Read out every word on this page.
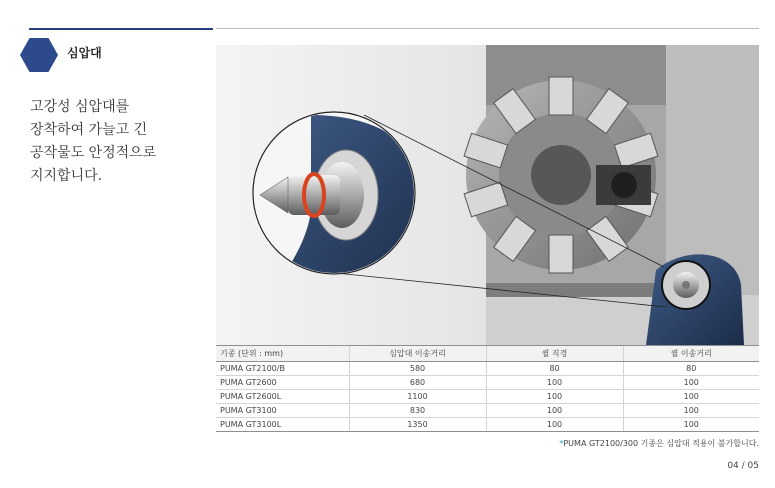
심압대

고강성 심압대를
장착하여 가늘고 긴
공작물도 안정적으로
지지합니다.

기종 (단위 : mm)	심압대 이송거리	퀼 직경	퀼 이송거리
PUMA GT2100/B	580	80	80
PUMA GT2600	680	100	100
PUMA GT2600L	1100	100	100
PUMA GT3100	830	100	100
PUMA GT3100L	1350	100	100
*PUMA GT2100/300 기종은 심압대 적용이 불가합니다.
04 / 05
